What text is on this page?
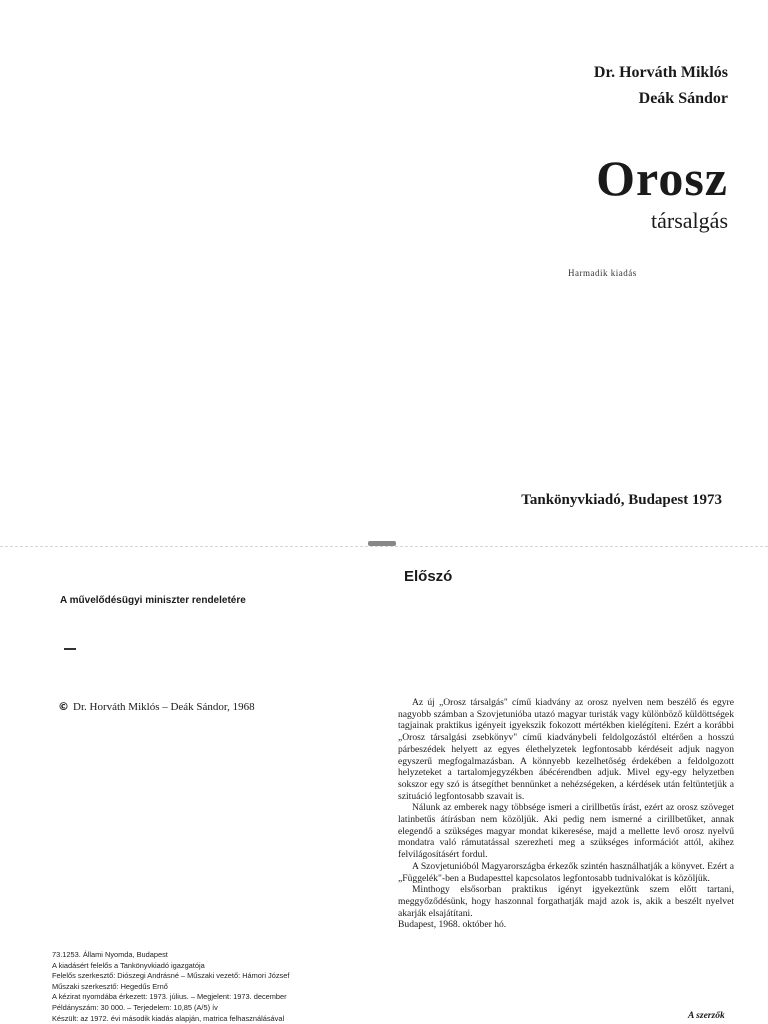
Dr. Horváth Miklós
Deák Sándor
Orosz
társalgás
Harmadik kiadás
Tankönyvkiadó, Budapest 1973
A művelődésügyi miniszter rendeletére
© Dr. Horváth Miklós – Deák Sándor, 1968
73.1253. Állami Nyomda, Budapest
A kiadásért felelős a Tankönyvkiadó igazgatója
Felelős szerkesztő: Diószegi Andrásné – Műszaki vezető: Hámori József
Műszaki szerkesztő: Hegedűs Ernő
A kézirat nyomdába érkezett: 1973. július. – Megjelent: 1973. december
Példányszám: 30 000. – Terjedelem: 10,85 (A/5) ív
Készült: az 1972. évi második kiadás alapján, matrica felhasználásával
Előszó

Az új „Orosz társalgás" című kiadvány az orosz nyelven nem beszélő és egyre nagyobb számban a Szovjetunióba utazó magyar turisták vagy különböző küldöttségek tagjainak praktikus igényeit igyekszik fokozott mértékben kielégíteni. Ezért a korábbi „Orosz társalgási zsebkönyv" című kiadványbeli feldolgozástól eltérően a hosszú párbeszédek helyett az egyes élethelyzetek legfontosabb kérdéseit adjuk nagyon egyszerű megfogalmazásban. A könnyebb kezelhetőség érdekében a feldolgozott helyzeteket a tartalomjegyzékben ábécérendben adjuk. Mivel egy-egy helyzetben sokszor egy szó is átsegíthet bennünket a nehézségeken, a kérdések után feltüntetjük a szituáció legfontosabb szavait is.

Nálunk az emberek nagy többsége ismeri a cirillbetűs írást, ezért az orosz szöveget latinbetűs átírásban nem közöljük. Aki pedig nem ismerné a cirillbetűket, annak elegendő a szükséges magyar mondat kikeresése, majd a mellette levő orosz nyelvű mondatra való rámutatással szerezheti meg a szükséges információt attól, akihez felvilágosításért fordul.

A Szovjetunióból Magyarországba érkezők szintén használhatják a könyvet. Ezért a „Függelék"-ben a Budapesttel kapcsolatos legfontosabb tudnivalókat is közöljük.

Minthogy elsősorban praktikus igényt igyekeztünk szem előtt tartani, meggyőződésünk, hogy haszonnal forgathatják majd azok is, akik a beszélt nyelvet akarják elsajátítani.

Budapest, 1968. október hó.

A szerzők
